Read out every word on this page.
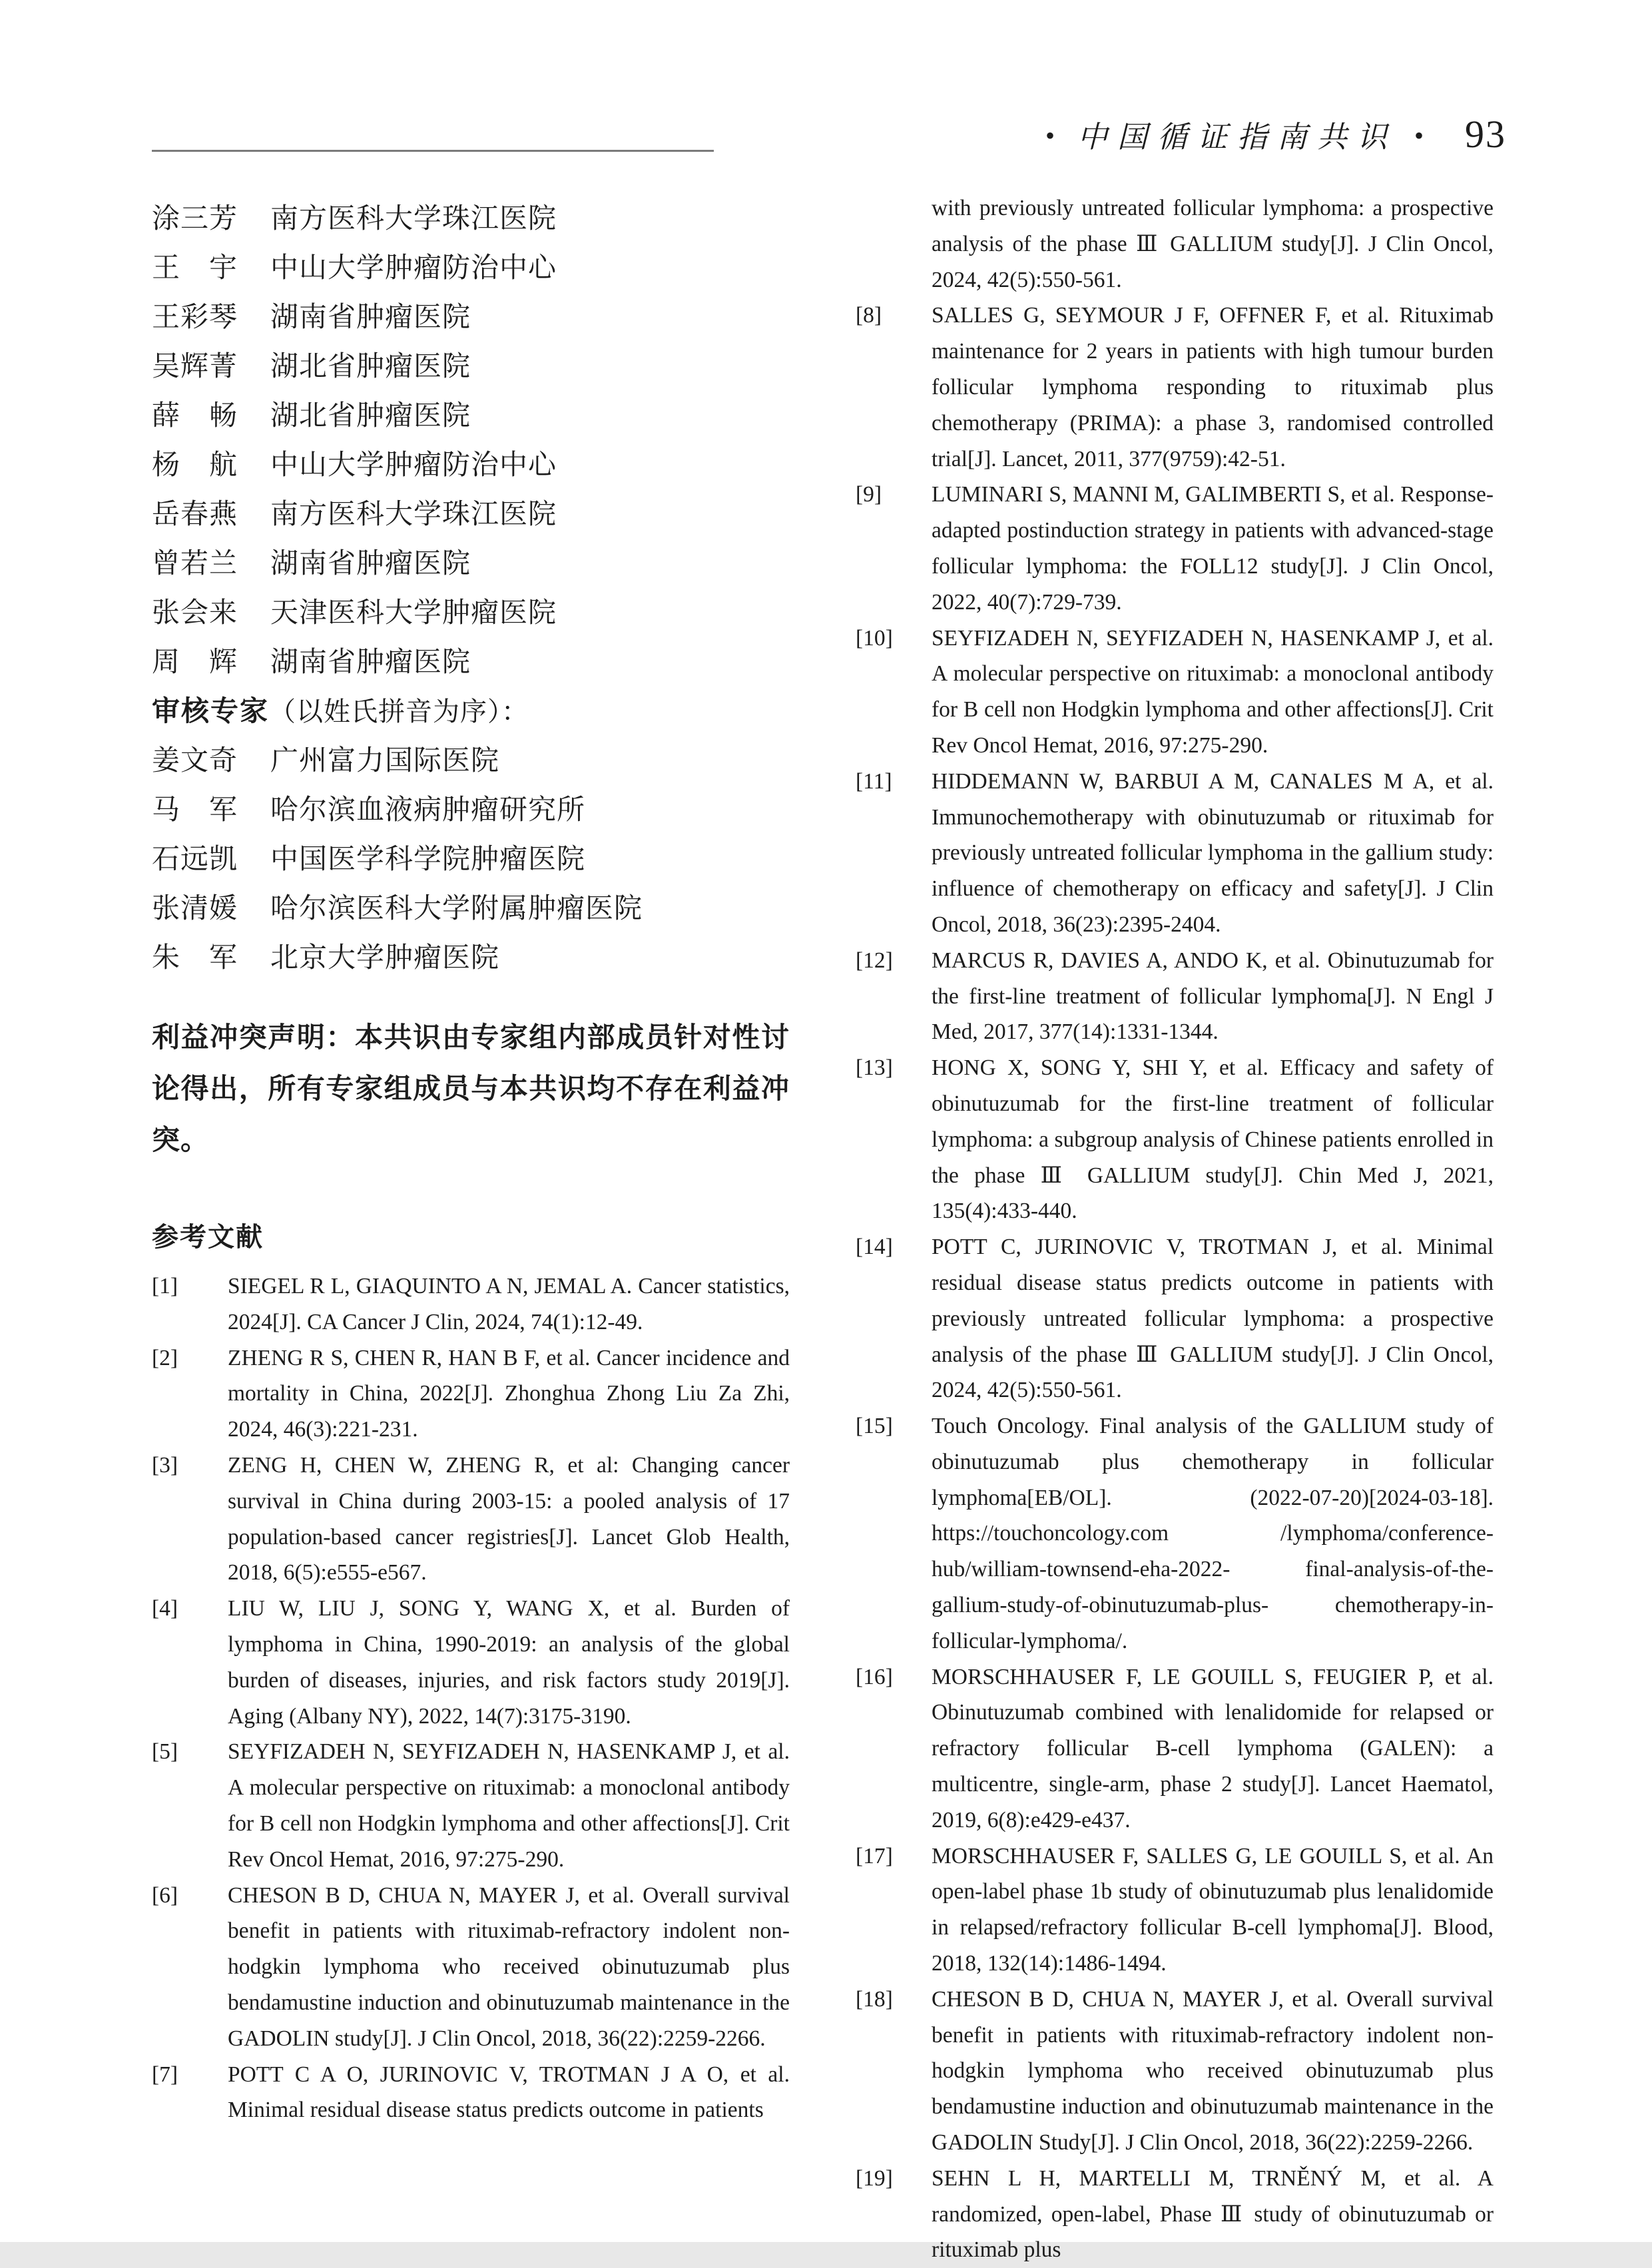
• 中国循证指南共识 • 93
涂 三 芳 南方医科大学珠江医院
王 宇 中山大学肿瘤防治中心
王 彩 琴 湖南省肿瘤医院
吴 辉 菁 湖北省肿瘤医院
薛 畅 湖北省肿瘤医院
杨 航 中山大学肿瘤防治中心
岳 春 燕 南方医科大学珠江医院
曾 若 兰 湖南省肿瘤医院
张 会 来 天津医科大学肿瘤医院
周 辉 湖南省肿瘤医院
审核专家 （以姓氏拼音为序）：
姜 文 奇 广州富力国际医院
马 军 哈尔滨血液病肿瘤研究所
石 远 凯 中国医学科学院肿瘤医院
张 清 媛 哈尔滨医科大学附属肿瘤医院
朱 军 北京大学肿瘤医院

利益冲突声明：本共识由专家组内部成员针对性讨论得出，所有专家组成员与本共识均不存在利益冲突。

参考文献
[1]	SIEGEL R L, GIAQUINTO A N, JEMAL A. Cancer statistics, 2024[J]. CA Cancer J Clin, 2024, 74(1):12-49.
[2]	ZHENG R S, CHEN R, HAN B F, et al. Cancer incidence and mortality in China, 2022[J]. Zhonghua Zhong Liu Za Zhi, 2024, 46(3):221-231.
[3]	ZENG H, CHEN W, ZHENG R, et al: Changing cancer survival in China during 2003-15: a pooled analysis of 17 population-based cancer registries[J]. Lancet Glob Health, 2018, 6(5):e555-e567.
[4]	LIU W, LIU J, SONG Y, WANG X, et al. Burden of lymphoma in China, 1990-2019: an analysis of the global burden of diseases, injuries, and risk factors study 2019[J]. Aging (Albany NY), 2022, 14(7):3175-3190.
[5]	SEYFIZADEH N, SEYFIZADEH N, HASENKAMP J, et al. A molecular perspective on rituximab: a monoclonal antibody for B cell non Hodgkin lymphoma and other affections[J]. Crit Rev Oncol Hemat, 2016, 97:275-290.
[6]	CHESON B D, CHUA N, MAYER J, et al. Overall survival benefit in patients with rituximab-refractory indolent non-hodgkin lymphoma who received obinutuzumab plus bendamustine induction and obinutuzumab maintenance in the GADOLIN study[J]. J Clin Oncol, 2018, 36(22):2259-2266.
[7]	POTT C A O, JURINOVIC V, TROTMAN J A O, et al. Minimal residual disease status predicts outcome in patients
with previously untreated follicular lymphoma: a prospective analysis of the phase Ⅲ GALLIUM study[J]. J Clin Oncol, 2024, 42(5):550-561.
[8]	SALLES G, SEYMOUR J F, OFFNER F, et al. Rituximab maintenance for 2 years in patients with high tumour burden follicular lymphoma responding to rituximab plus chemotherapy (PRIMA): a phase 3, randomised controlled trial[J]. Lancet, 2011, 377(9759):42-51.
[9]	LUMINARI S, MANNI M, GALIMBERTI S, et al. Response-adapted postinduction strategy in patients with advanced-stage follicular lymphoma: the FOLL12 study[J]. J Clin Oncol, 2022, 40(7):729-739.
[10]	SEYFIZADEH N, SEYFIZADEH N, HASENKAMP J, et al. A molecular perspective on rituximab: a monoclonal antibody for B cell non Hodgkin lymphoma and other affections[J]. Crit Rev Oncol Hemat, 2016, 97:275-290.
[11]	HIDDEMANN W, BARBUI A M, CANALES M A, et al. Immunochemotherapy with obinutuzumab or rituximab for previously untreated follicular lymphoma in the gallium study: influence of chemotherapy on efficacy and safety[J]. J Clin Oncol, 2018, 36(23):2395-2404.
[12]	MARCUS R, DAVIES A, ANDO K, et al. Obinutuzumab for the first-line treatment of follicular lymphoma[J]. N Engl J Med, 2017, 377(14):1331-1344.
[13]	HONG X, SONG Y, SHI Y, et al. Efficacy and safety of obinutuzumab for the first-line treatment of follicular lymphoma: a subgroup analysis of Chinese patients enrolled in the phase Ⅲ GALLIUM study[J]. Chin Med J, 2021, 135(4):433-440.
[14]	POTT C, JURINOVIC V, TROTMAN J, et al. Minimal residual disease status predicts outcome in patients with previously untreated follicular lymphoma: a prospective analysis of the phase Ⅲ GALLIUM study[J]. J Clin Oncol, 2024, 42(5):550-561.
[15]	Touch Oncology. Final analysis of the GALLIUM study of obinutuzumab plus chemotherapy in follicular lymphoma[EB/OL]. (2022-07-20)[2024-03-18]. https://touchoncology.com /lymphoma/conference-hub/william-townsend-eha-2022- final-analysis-of-the-gallium-study-of-obinutuzumab-plus- chemotherapy-in-follicular-lymphoma/.
[16]	MORSCHHAUSER F, LE GOUILL S, FEUGIER P, et al. Obinutuzumab combined with lenalidomide for relapsed or refractory follicular B-cell lymphoma (GALEN): a multicentre, single-arm, phase 2 study[J]. Lancet Haematol, 2019, 6(8):e429-e437.
[17]	MORSCHHAUSER F, SALLES G, LE GOUILL S, et al. An open-label phase 1b study of obinutuzumab plus lenalidomide in relapsed/refractory follicular B-cell lymphoma[J]. Blood, 2018, 132(14):1486-1494.
[18]	CHESON B D, CHUA N, MAYER J, et al. Overall survival benefit in patients with rituximab-refractory indolent non-hodgkin lymphoma who received obinutuzumab plus bendamustine induction and obinutuzumab maintenance in the GADOLIN Study[J]. J Clin Oncol, 2018, 36(22):2259-2266.
[19]	SEHN L H, MARTELLI M, TRNĚNÝ M, et al. A randomized, open-label, Phase Ⅲ study of obinutuzumab or rituximab plus
